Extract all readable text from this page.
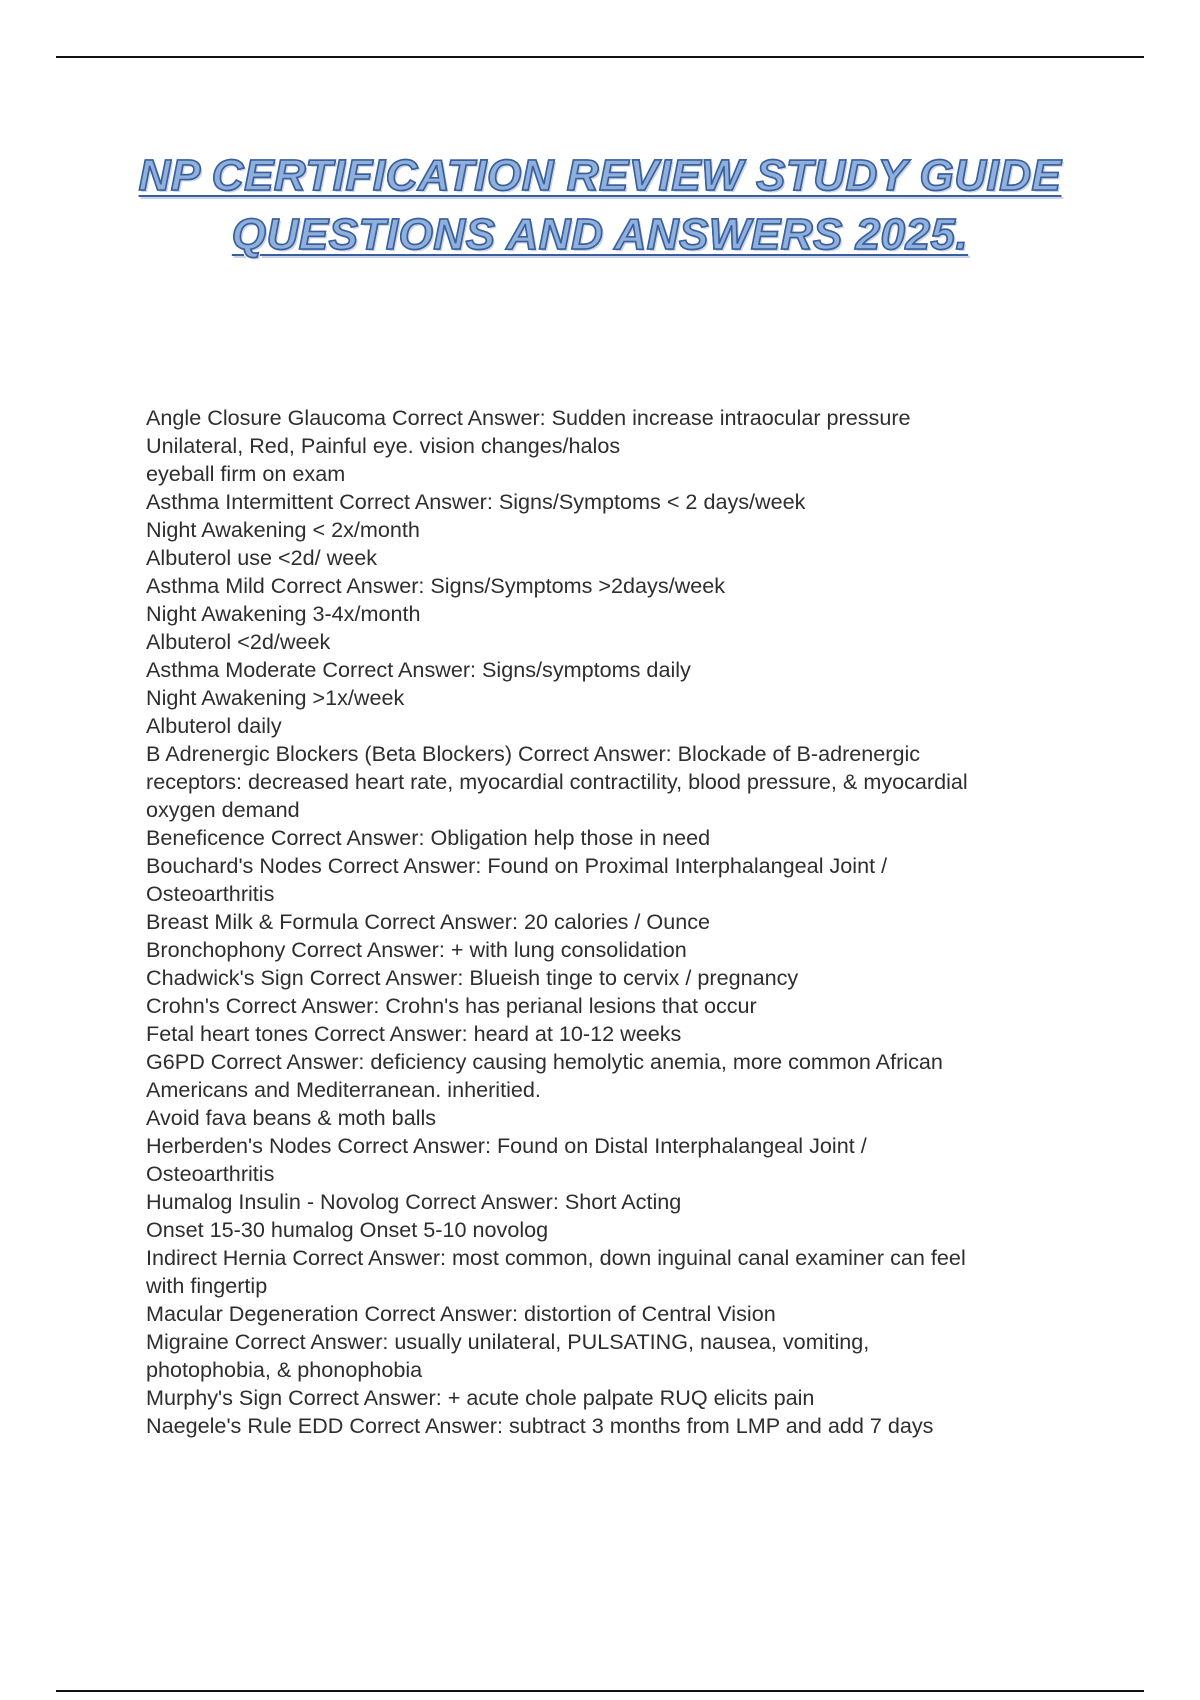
NP CERTIFICATION REVIEW STUDY GUIDE QUESTIONS AND ANSWERS 2025.
Angle Closure Glaucoma Correct Answer: Sudden increase intraocular pressure
Unilateral, Red, Painful eye. vision changes/halos
eyeball firm on exam
Asthma Intermittent Correct Answer: Signs/Symptoms < 2 days/week
Night Awakening < 2x/month
Albuterol use <2d/ week
Asthma Mild Correct Answer: Signs/Symptoms >2days/week
Night Awakening 3-4x/month
Albuterol <2d/week
Asthma Moderate Correct Answer: Signs/symptoms daily
Night Awakening >1x/week
Albuterol daily
B Adrenergic Blockers (Beta Blockers) Correct Answer: Blockade of B-adrenergic
receptors: decreased heart rate, myocardial contractility, blood pressure, & myocardial
oxygen demand
Beneficence Correct Answer: Obligation help those in need
Bouchard's Nodes Correct Answer: Found on Proximal Interphalangeal Joint /
Osteoarthritis
Breast Milk & Formula Correct Answer: 20 calories / Ounce
Bronchophony Correct Answer: + with lung consolidation
Chadwick's Sign Correct Answer: Blueish tinge to cervix / pregnancy
Crohn's Correct Answer: Crohn's has perianal lesions that occur
Fetal heart tones Correct Answer: heard at 10-12 weeks
G6PD Correct Answer: deficiency causing hemolytic anemia, more common African
Americans and Mediterranean. inheritied.
Avoid fava beans & moth balls
Herberden's Nodes Correct Answer: Found on Distal Interphalangeal Joint /
Osteoarthritis
Humalog Insulin - Novolog Correct Answer: Short Acting
Onset 15-30 humalog Onset 5-10 novolog
Indirect Hernia Correct Answer: most common, down inguinal canal examiner can feel
with fingertip
Macular Degeneration Correct Answer: distortion of Central Vision
Migraine Correct Answer: usually unilateral, PULSATING, nausea, vomiting,
photophobia, & phonophobia
Murphy's Sign Correct Answer: + acute chole palpate RUQ elicits pain
Naegele's Rule EDD Correct Answer: subtract 3 months from LMP and add 7 days
